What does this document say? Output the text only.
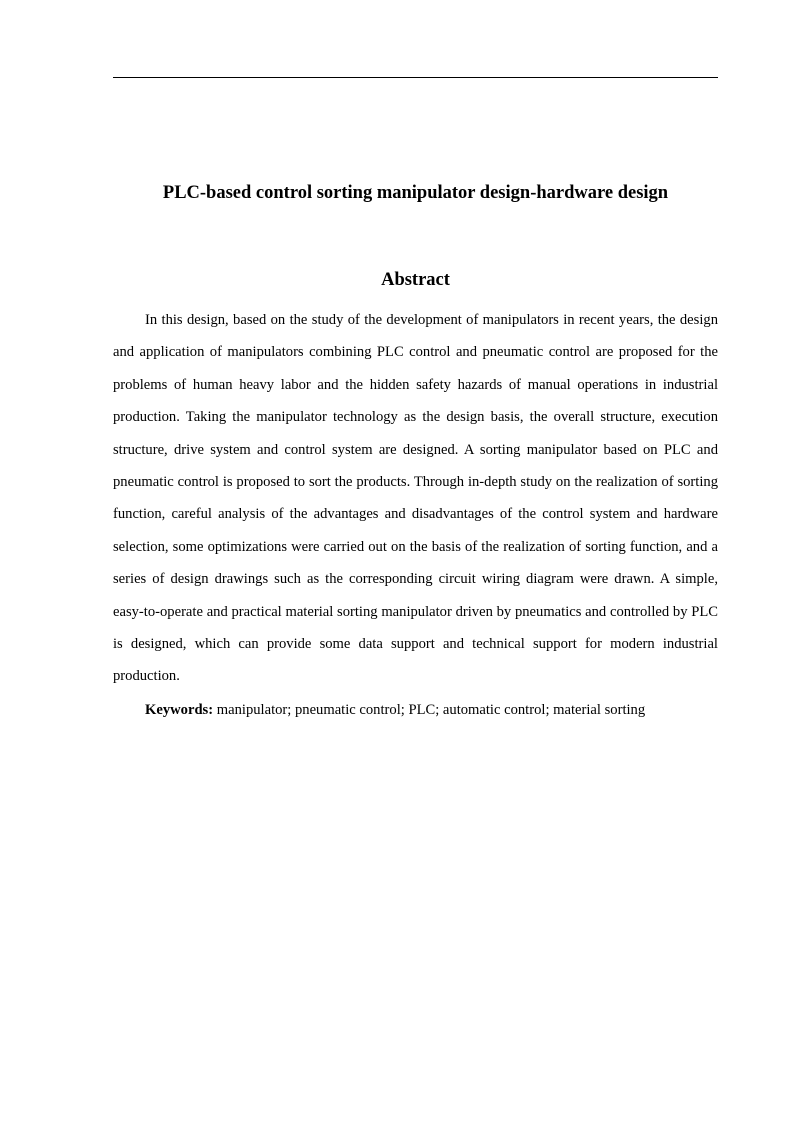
PLC-based control sorting manipulator design-hardware design
Abstract

In this design, based on the study of the development of manipulators in recent years, the design and application of manipulators combining PLC control and pneumatic control are proposed for the problems of human heavy labor and the hidden safety hazards of manual operations in industrial production. Taking the manipulator technology as the design basis, the overall structure, execution structure, drive system and control system are designed. A sorting manipulator based on PLC and pneumatic control is proposed to sort the products. Through in-depth study on the realization of sorting function, careful analysis of the advantages and disadvantages of the control system and hardware selection, some optimizations were carried out on the basis of the realization of sorting function, and a series of design drawings such as the corresponding circuit wiring diagram were drawn. A simple, easy-to-operate and practical material sorting manipulator driven by pneumatics and controlled by PLC is designed, which can provide some data support and technical support for modern industrial production.

Keywords: manipulator; pneumatic control; PLC; automatic control; material sorting
